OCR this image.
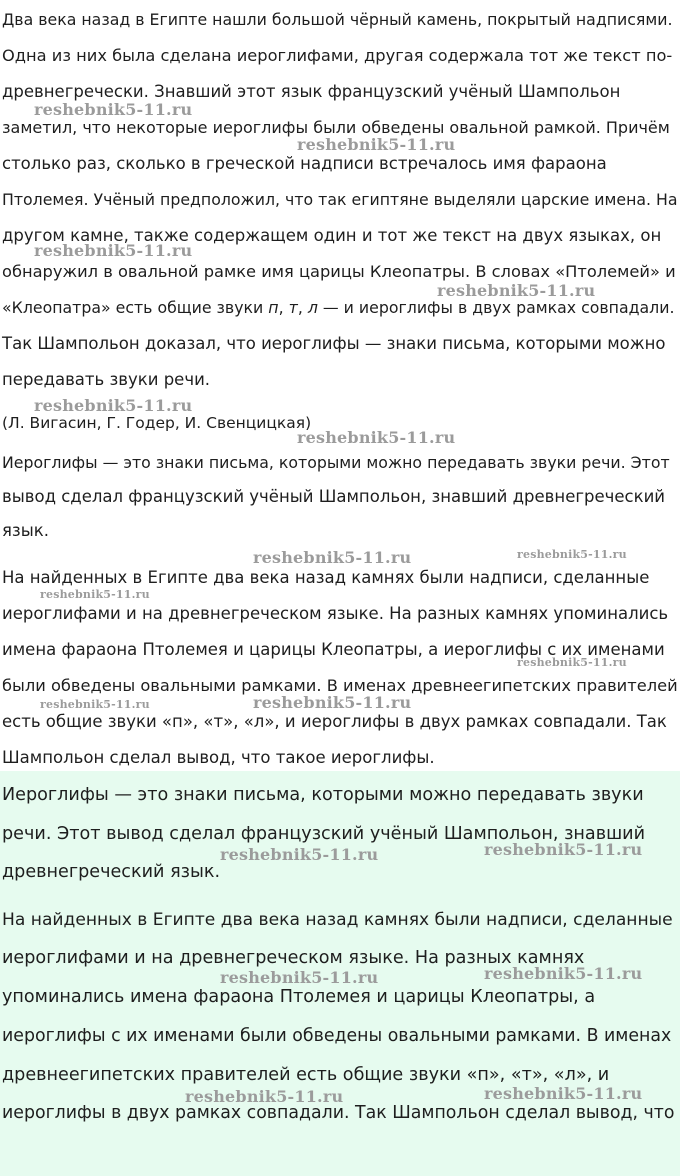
Два века назад в Египте нашли большой чёрный камень, покрытый надписями.
Одна из них была сделана иероглифами, другая содержала тот же текст по-
древнегречески. Знавший этот язык французский учёный Шампольон
заметил, что некоторые иероглифы были обведены овальной рамкой. Причём
столько раз, сколько в греческой надписи встречалось имя фараона
Птолемея. Учёный предположил, что так египтяне выделяли царские имена. На
другом камне, также содержащем один и тот же текст на двух языках, он
обнаружил в овальной рамке имя царицы Клеопатры. В словах «Птолемей» и
«Клеопатра» есть общие звуки п, т, л — и иероглифы в двух рамках совпадали.
Так Шампольон доказал, что иероглифы — знаки письма, которыми можно
передавать звуки речи.
(Л. Вигасин, Г. Годер, И. Свенцицкая)
Иероглифы — это знаки письма, которыми можно передавать звуки речи. Этот
вывод сделал французский учёный Шампольон, знавший древнегреческий
язык.
На найденных в Египте два века назад камнях были надписи, сделанные
иероглифами и на древнегреческом языке. На разных камнях упоминались
имена фараона Птолемея и царицы Клеопатры, а иероглифы с их именами
были обведены овальными рамками. В именах древнеегипетских правителей
есть общие звуки «п», «т», «л», и иероглифы в двух рамках совпадали. Так
Шампольон сделал вывод, что такое иероглифы.
Иероглифы — это знаки письма, которыми можно передавать звуки
речи. Этот вывод сделал французский учёный Шампольон, знавший
древнегреческий язык.
На найденных в Египте два века назад камнях были надписи, сделанные
иероглифами и на древнегреческом языке. На разных камнях
упоминались имена фараона Птолемея и царицы Клеопатры, а
иероглифы с их именами были обведены овальными рамками. В именах
древнеегипетских правителей есть общие звуки «п», «т», «л», и
иероглифы в двух рамках совпадали. Так Шампольон сделал вывод, что
reshebnik5-11.ru
reshebnik5-11.ru
reshebnik5-11.ru
reshebnik5-11.ru
reshebnik5-11.ru
reshebnik5-11.ru
reshebnik5-11.ru	reshebnik5-11.ru
reshebnik5-11.ru
reshebnik5-11.ru
reshebnik5-11.ru	reshebnik5-11.ru
reshebnik5-11.ru	reshebnik5-11.ru
reshebnik5-11.ru	reshebnik5-11.ru
reshebnik5-11.ru	reshebnik5-11.ru
